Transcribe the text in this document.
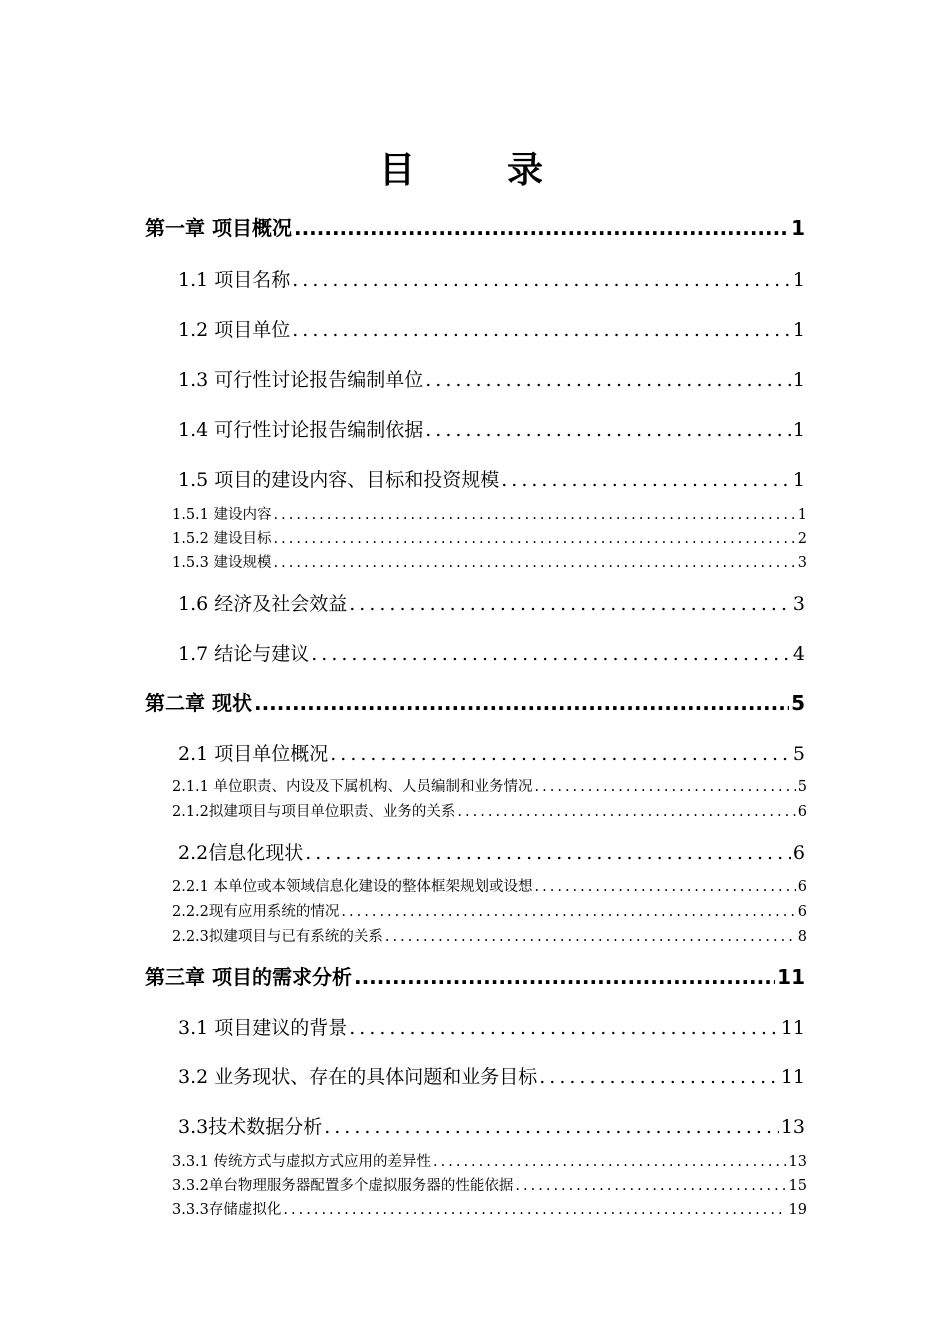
目　录
第一章 项目概况 .....	1
1.1 项目名称 .....	1
1.2 项目单位 .....	1
1.3 可行性讨论报告编制单位 .....	1
1.4 可行性讨论报告编制依据 .....	1
1.5 项目的建设内容、目标和投资规模 .....	1
1.5.1 建设内容 .....	1
1.5.2 建设目标 .....	2
1.5.3 建设规模 .....	3
1.6 经济及社会效益 .....	3
1.7 结论与建议 .....	4
第二章 现状 .....	5
2.1 项目单位概况 .....	5
2.1.1 单位职责、内设及下属机构、人员编制和业务情况 .....	5
2.1.2拟建项目与项目单位职责、业务的关系 .....	6
2.2信息化现状 .....	6
2.2.1 本单位或本领域信息化建设的整体框架规划或设想 .....	6
2.2.2现有应用系统的情况 .....	6
2.2.3拟建项目与已有系统的关系 .....	8
第三章 项目的需求分析 .....	11
3.1 项目建议的背景 .....	11
3.2 业务现状、存在的具体问题和业务目标 .....	11
3.3技术数据分析 .....	13
3.3.1 传统方式与虚拟方式应用的差异性 .....	13
3.3.2单台物理服务器配置多个虚拟服务器的性能依据 .....	15
3.3.3存储虚拟化 .....	19
